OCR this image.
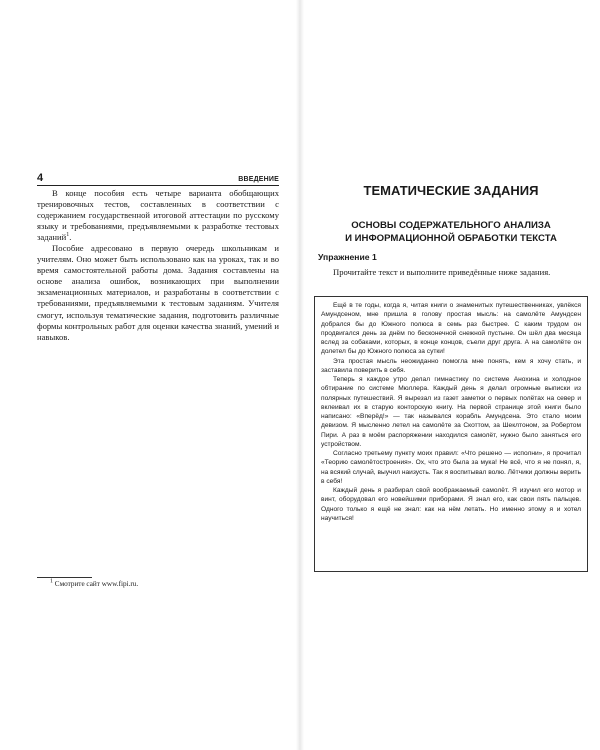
4	ВВЕДЕНИЕ

В конце пособия есть четыре варианта обобщающих тренировочных тестов, составленных в соответствии с содержанием государственной итоговой аттестации по русскому языку и требованиями, предъявляемыми к разработке тестовых заданий$^1$.

Пособие адресовано в первую очередь школьникам и учителям. Оно может быть использовано как на уроках, так и во время самостоятельной работы дома. Задания составлены на основе анализа ошибок, возникающих при выполнении экзаменационных материалов, и разработаны в соответствии с требованиями, предъявляемыми к тестовым заданиям. Учителя смогут, используя тематические задания, подготовить различные формы контрольных работ для оценки качества знаний, умений и навыков.

$^1$ Смотрите сайт www.fipi.ru.
ТЕМАТИЧЕСКИЕ ЗАДАНИЯ
ОСНОВЫ СОДЕРЖАТЕЛЬНОГО АНАЛИЗА
И ИНФОРМАЦИОННОЙ ОБРАБОТКИ ТЕКСТА
Упражнение 1
Прочитайте текст и выполните приведённые ниже задания.

Ещё в те годы, когда я, читая книги о знаменитых путешественниках, увлёкся Амундсеном, мне пришла в голову простая мысль: на самолёте Амундсен добрался бы до Южного полюса в семь раз быстрее. С каким трудом он продвигался день за днём по бесконечной снежной пустыне. Он шёл два месяца вслед за собаками, которых, в конце концов, съели друг друга. А на самолёте он долетел бы до Южного полюса за сутки!

Эта простая мысль неожиданно помогла мне понять, кем я хочу стать, и заставила поверить в себя.

Теперь я каждое утро делал гимнастику по системе Анохина и холодное обтирание по системе Мюллера. Каждый день я делал огромные выписки из полярных путешествий. Я вырезал из газет заметки о первых полётах на север и вклеивал их в старую конторскую книгу. На первой странице этой книги было написано: «Вперёд!» — так назывался корабль Амундсена. Это стало моим девизом. Я мысленно летел на самолёте за Скоттом, за Шеклтоном, за Робертом Пири. А раз в моём распоряжении находился самолёт, нужно было заняться его устройством.

Согласно третьему пункту моих правил: «Что решено — исполни», я прочитал «Теорию самолётостроения». Ох, что это была за мука! Не всё, что я не понял, я, на всякий случай, выучил наизусть. Так я воспитывал волю. Лётчики должны верить в себя!

Каждый день я разбирал свой воображаемый самолёт. Я изучил его мотор и винт, оборудовал его новейшими приборами. Я знал его, как свои пять пальцев. Одного только я ещё не знал: как на нём летать. Но именно этому я и хотел научиться!
